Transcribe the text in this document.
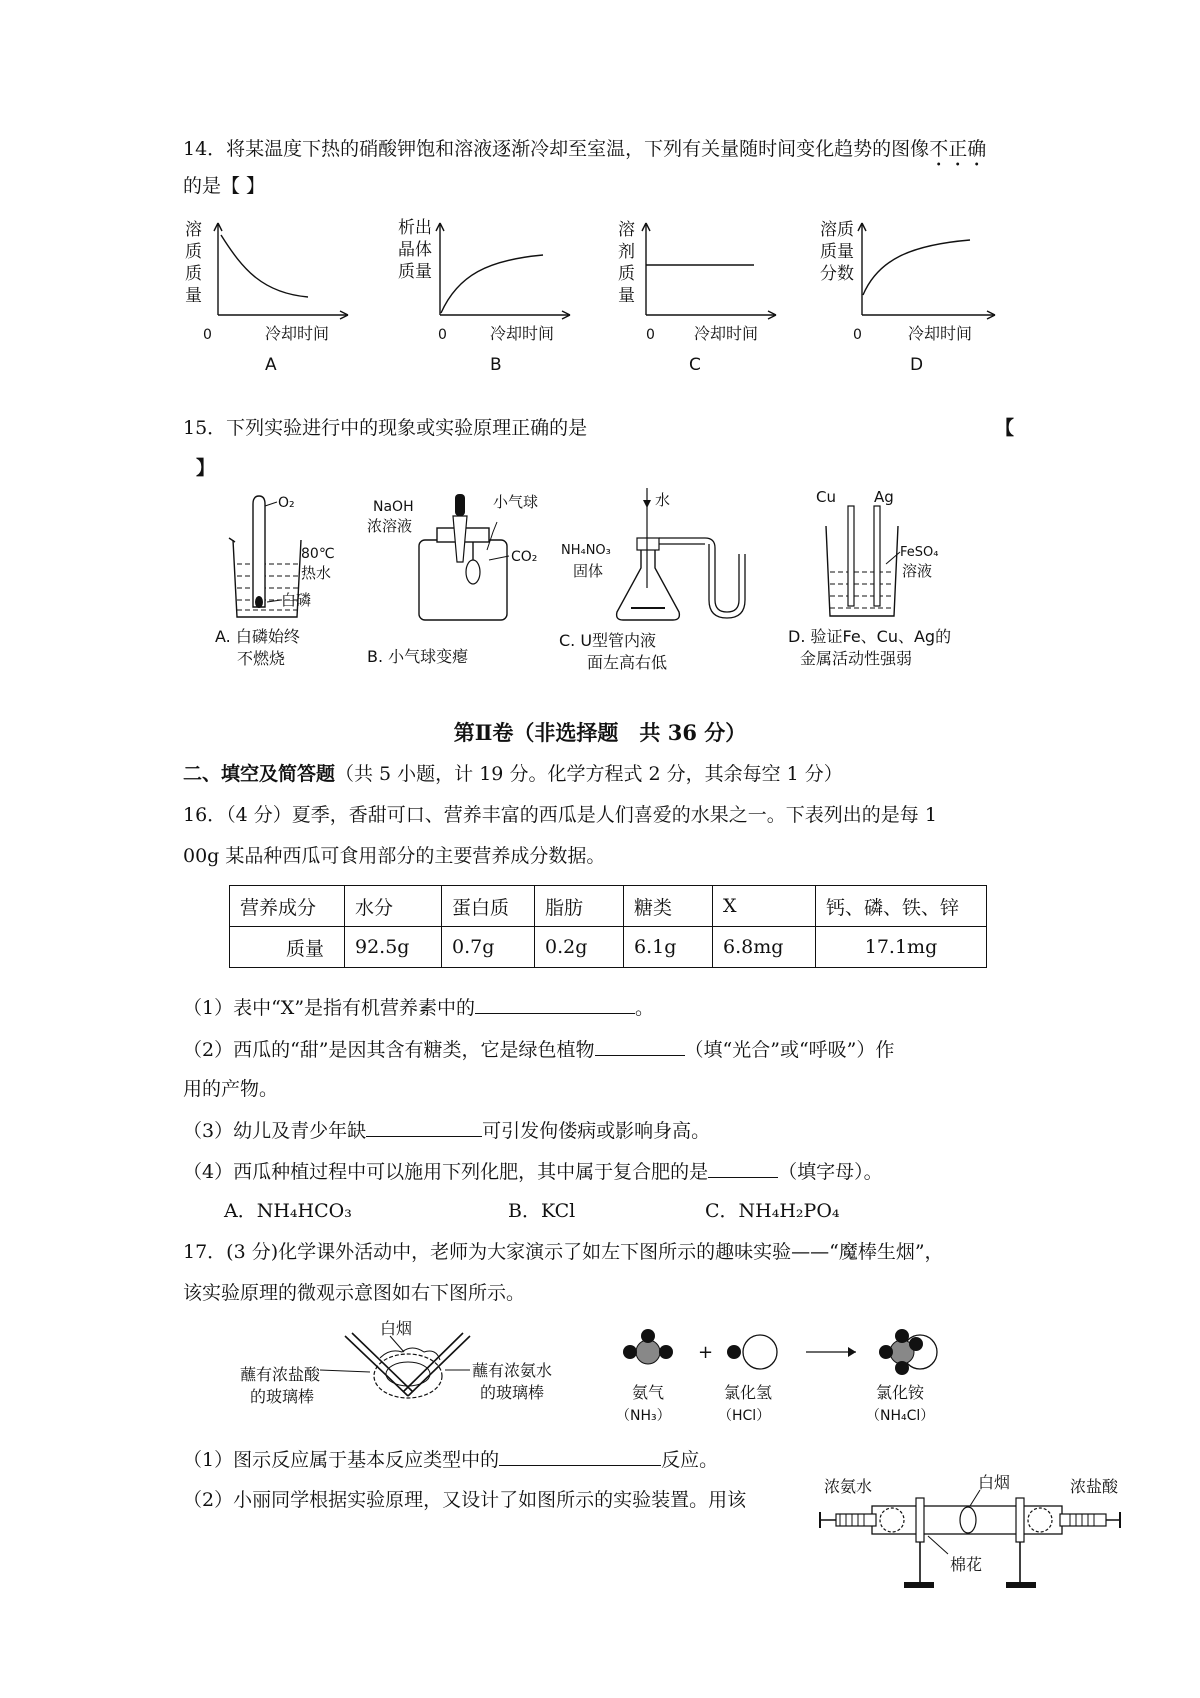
14．将某温度下热的硝酸钾饱和溶液逐渐冷却至室温，下列有关量随时间变化趋势的图像不正确
的是【 】
溶
质
质
量
0	冷却时间
A
析出
晶体
质量
0	冷却时间
B
溶
剂
质
量
0 冷却时间
C
溶质
质量
分数
0	冷却时间
D
15．下列实验进行中的现象或实验原理正确的是	【
】
O₂
80℃
热水
白磷
A. 白磷始终
不燃烧
NaOH
浓溶液
小气球
CO₂
B. 小气球变瘪
水
NH₄NO₃
固体
C. U型管内液
面左高右低
Cu	Ag
FeSO₄
溶液
D. 验证Fe、Cu、Ag的
金属活动性强弱
第Ⅱ卷（非选择题　共 36 分）
二、填空及简答题（共 5 小题，计 19 分。化学方程式 2 分，其余每空 1 分）
16．（4 分）夏季，香甜可口、营养丰富的西瓜是人们喜爱的水果之一。下表列出的是每 1
00g 某品种西瓜可食用部分的主要营养成分数据。
营养成分	水分	蛋白质	脂肪	糖类	X	钙、磷、铁、锌
质量	92.5g	0.7g	0.2g	6.1g	6.8mg	17.1mg
（1）表中“X”是指有机营养素中的	。
（2）西瓜的“甜”是因其含有糖类，它是绿色植物	（填“光合”或“呼吸”）作
用的产物。
（3）幼儿及青少年缺	可引发佝偻病或影响身高。
（4）西瓜种植过程中可以施用下列化肥，其中属于复合肥的是	（填字母）。
A．NH₄HCO₃	B．KCl	C．NH₄H₂PO₄
17．(3 分)化学课外活动中，老师为大家演示了如左下图所示的趣味实验——“魔棒生烟”，
该实验原理的微观示意图如右下图所示。
白烟
蘸有浓盐酸
的玻璃棒
蘸有浓氨水
的玻璃棒
+
氨气
（NH₃）
氯化氢
（HCl）
氯化铵
（NH₄Cl）
（1）图示反应属于基本反应类型中的	反应。
（2）小丽同学根据实验原理，又设计了如图所示的实验装置。用该
浓氨水	白烟	浓盐酸
棉花
